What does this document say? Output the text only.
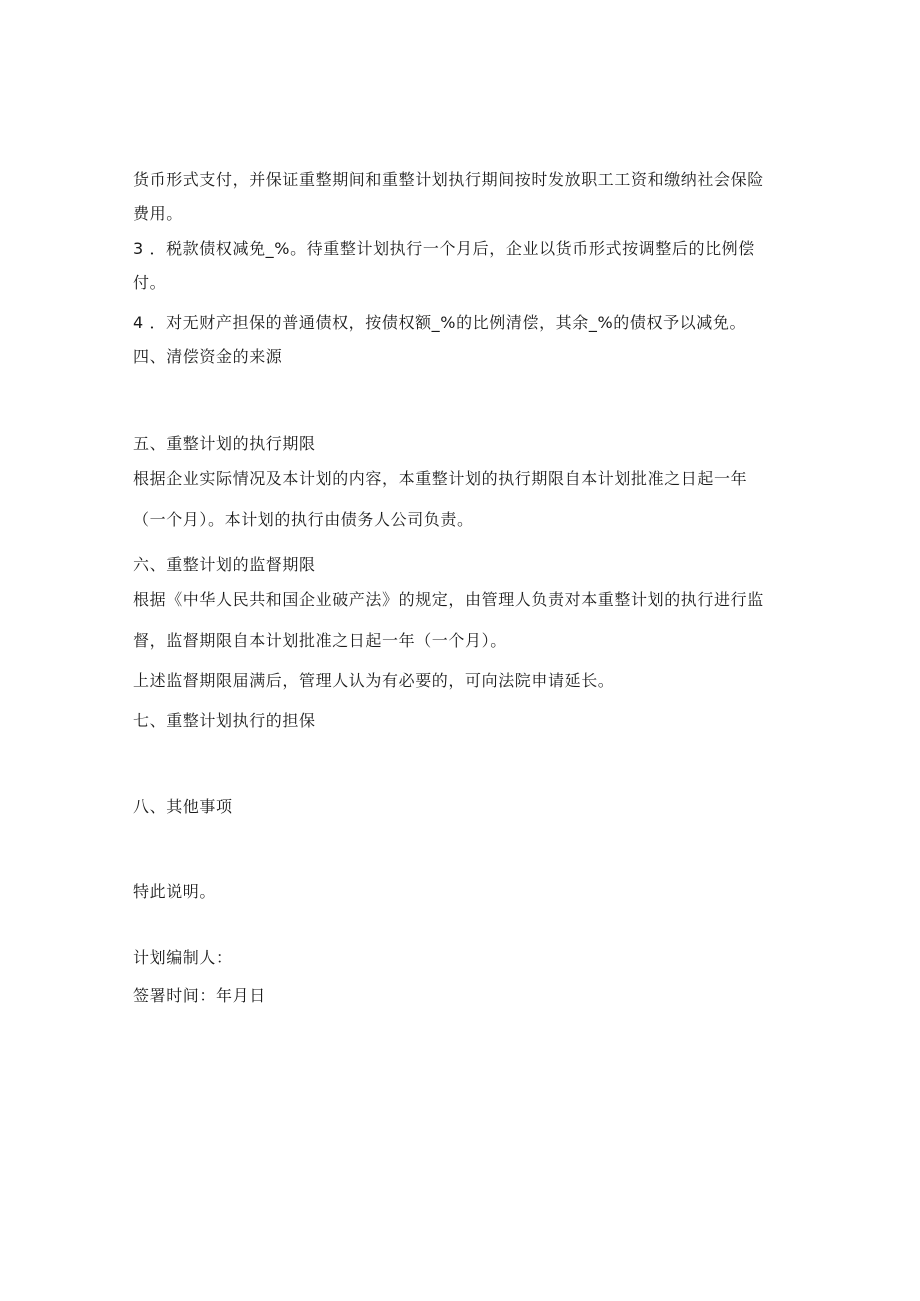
货币形式支付，并保证重整期间和重整计划执行期间按时发放职工工资和缴纳社会保险
费用。
3 ．税款债权减免_%。待重整计划执行一个月后，企业以货币形式按调整后的比例偿
付。
4 ．对无财产担保的普通债权，按债权额_%的比例清偿，其余_%的债权予以减免。
四、清偿资金的来源
五、重整计划的执行期限
根据企业实际情况及本计划的内容，本重整计划的执行期限自本计划批准之日起一年
（一个月）。本计划的执行由债务人公司负责。
六、重整计划的监督期限
根据《中华人民共和国企业破产法》的规定，由管理人负责对本重整计划的执行进行监
督，监督期限自本计划批准之日起一年（一个月）。
上述监督期限届满后，管理人认为有必要的，可向法院申请延长。
七、重整计划执行的担保
八、其他事项
特此说明。
计划编制人：
签署时间：年月日
